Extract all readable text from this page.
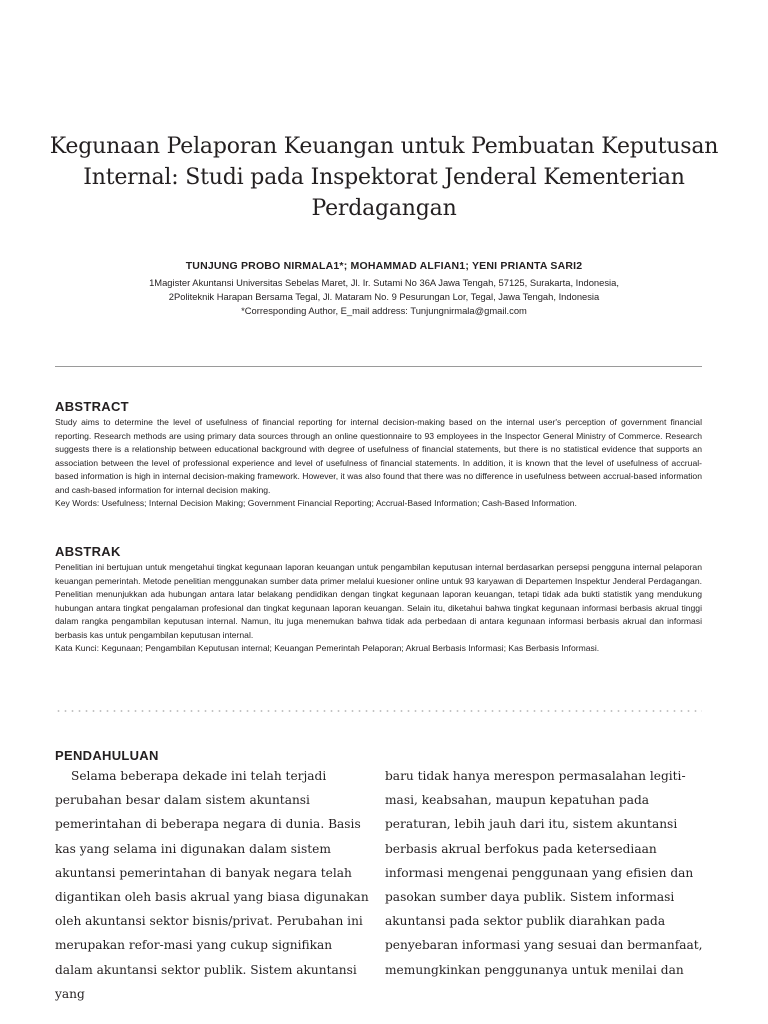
Kegunaan Pelaporan Keuangan untuk Pembuatan Keputusan Internal: Studi pada Inspektorat Jenderal Kementerian Perdagangan
TUNJUNG PROBO NIRMALA1*; MOHAMMAD ALFIAN1; YENI PRIANTA SARI2
1Magister Akuntansi Universitas Sebelas Maret, Jl. Ir. Sutami No 36A Jawa Tengah, 57125, Surakarta, Indonesia,
2Politeknik Harapan Bersama Tegal, Jl. Mataram No. 9 Pesurungan Lor, Tegal, Jawa Tengah, Indonesia
*Corresponding Author, E_mail address: Tunjungnirmala@gmail.com
ABSTRACT

Study aims to determine the level of usefulness of financial reporting for internal decision-making based on the internal user's perception of government financial reporting. Research methods are using primary data sources through an online questionnaire to 93 employees in the Inspector General Ministry of Commerce. Research suggests there is a relationship between educational background with degree of usefulness of financial statements, but there is no statistical evidence that supports an association between the level of professional experience and level of usefulness of financial statements. In addition, it is known that the level of usefulness of accrual-based information is high in internal decision-making framework. However, it was also found that there was no difference in usefulness between accrual-based information and cash-based information for internal decision making.

Key Words: Usefulness; Internal Decision Making; Government Financial Reporting; Accrual-Based Information; Cash-Based Information.

ABSTRAK

Penelitian ini bertujuan untuk mengetahui tingkat kegunaan laporan keuangan untuk pengambilan keputusan internal berdasarkan persepsi pengguna internal pelaporan keuangan pemerintah. Metode penelitian menggunakan sumber data primer melalui kuesioner online untuk 93 karyawan di Departemen Inspektur Jenderal Perdagangan. Penelitian menunjukkan ada hubungan antara latar belakang pendidikan dengan tingkat kegunaan laporan keuangan, tetapi tidak ada bukti statistik yang mendukung hubungan antara tingkat pengalaman profesional dan tingkat kegunaan laporan keuangan. Selain itu, diketahui bahwa tingkat kegunaan informasi berbasis akrual tinggi dalam rangka pengambilan keputusan internal. Namun, itu juga menemukan bahwa tidak ada perbedaan di antara kegunaan informasi berbasis akrual dan informasi berbasis kas untuk pengambilan keputusan internal.

Kata Kunci: Kegunaan; Pengambilan Keputusan internal; Keuangan Pemerintah Pelaporan; Akrual Berbasis Informasi; Kas Berbasis Informasi.

PENDAHULUAN
Selama beberapa dekade ini telah terjadi perubahan besar dalam sistem akuntansi pemerintahan di beberapa negara di dunia. Basis kas yang selama ini digunakan dalam sistem akuntansi pemerintahan di banyak negara telah digantikan oleh basis akrual yang biasa digunakan oleh akuntansi sektor bisnis/privat. Perubahan ini merupakan refor-masi yang cukup signifikan dalam akuntansi sektor publik. Sistem akuntansi yang
baru tidak hanya merespon permasalahan legiti-masi, keabsahan, maupun kepatuhan pada peraturan, lebih jauh dari itu, sistem akuntansi berbasis akrual berfokus pada ketersediaan informasi mengenai penggunaan yang efisien dan pasokan sumber daya publik. Sistem informasi akuntansi pada sektor publik diarahkan pada penyebaran informasi yang sesuai dan bermanfaat, memungkinkan penggunanya untuk menilai dan
